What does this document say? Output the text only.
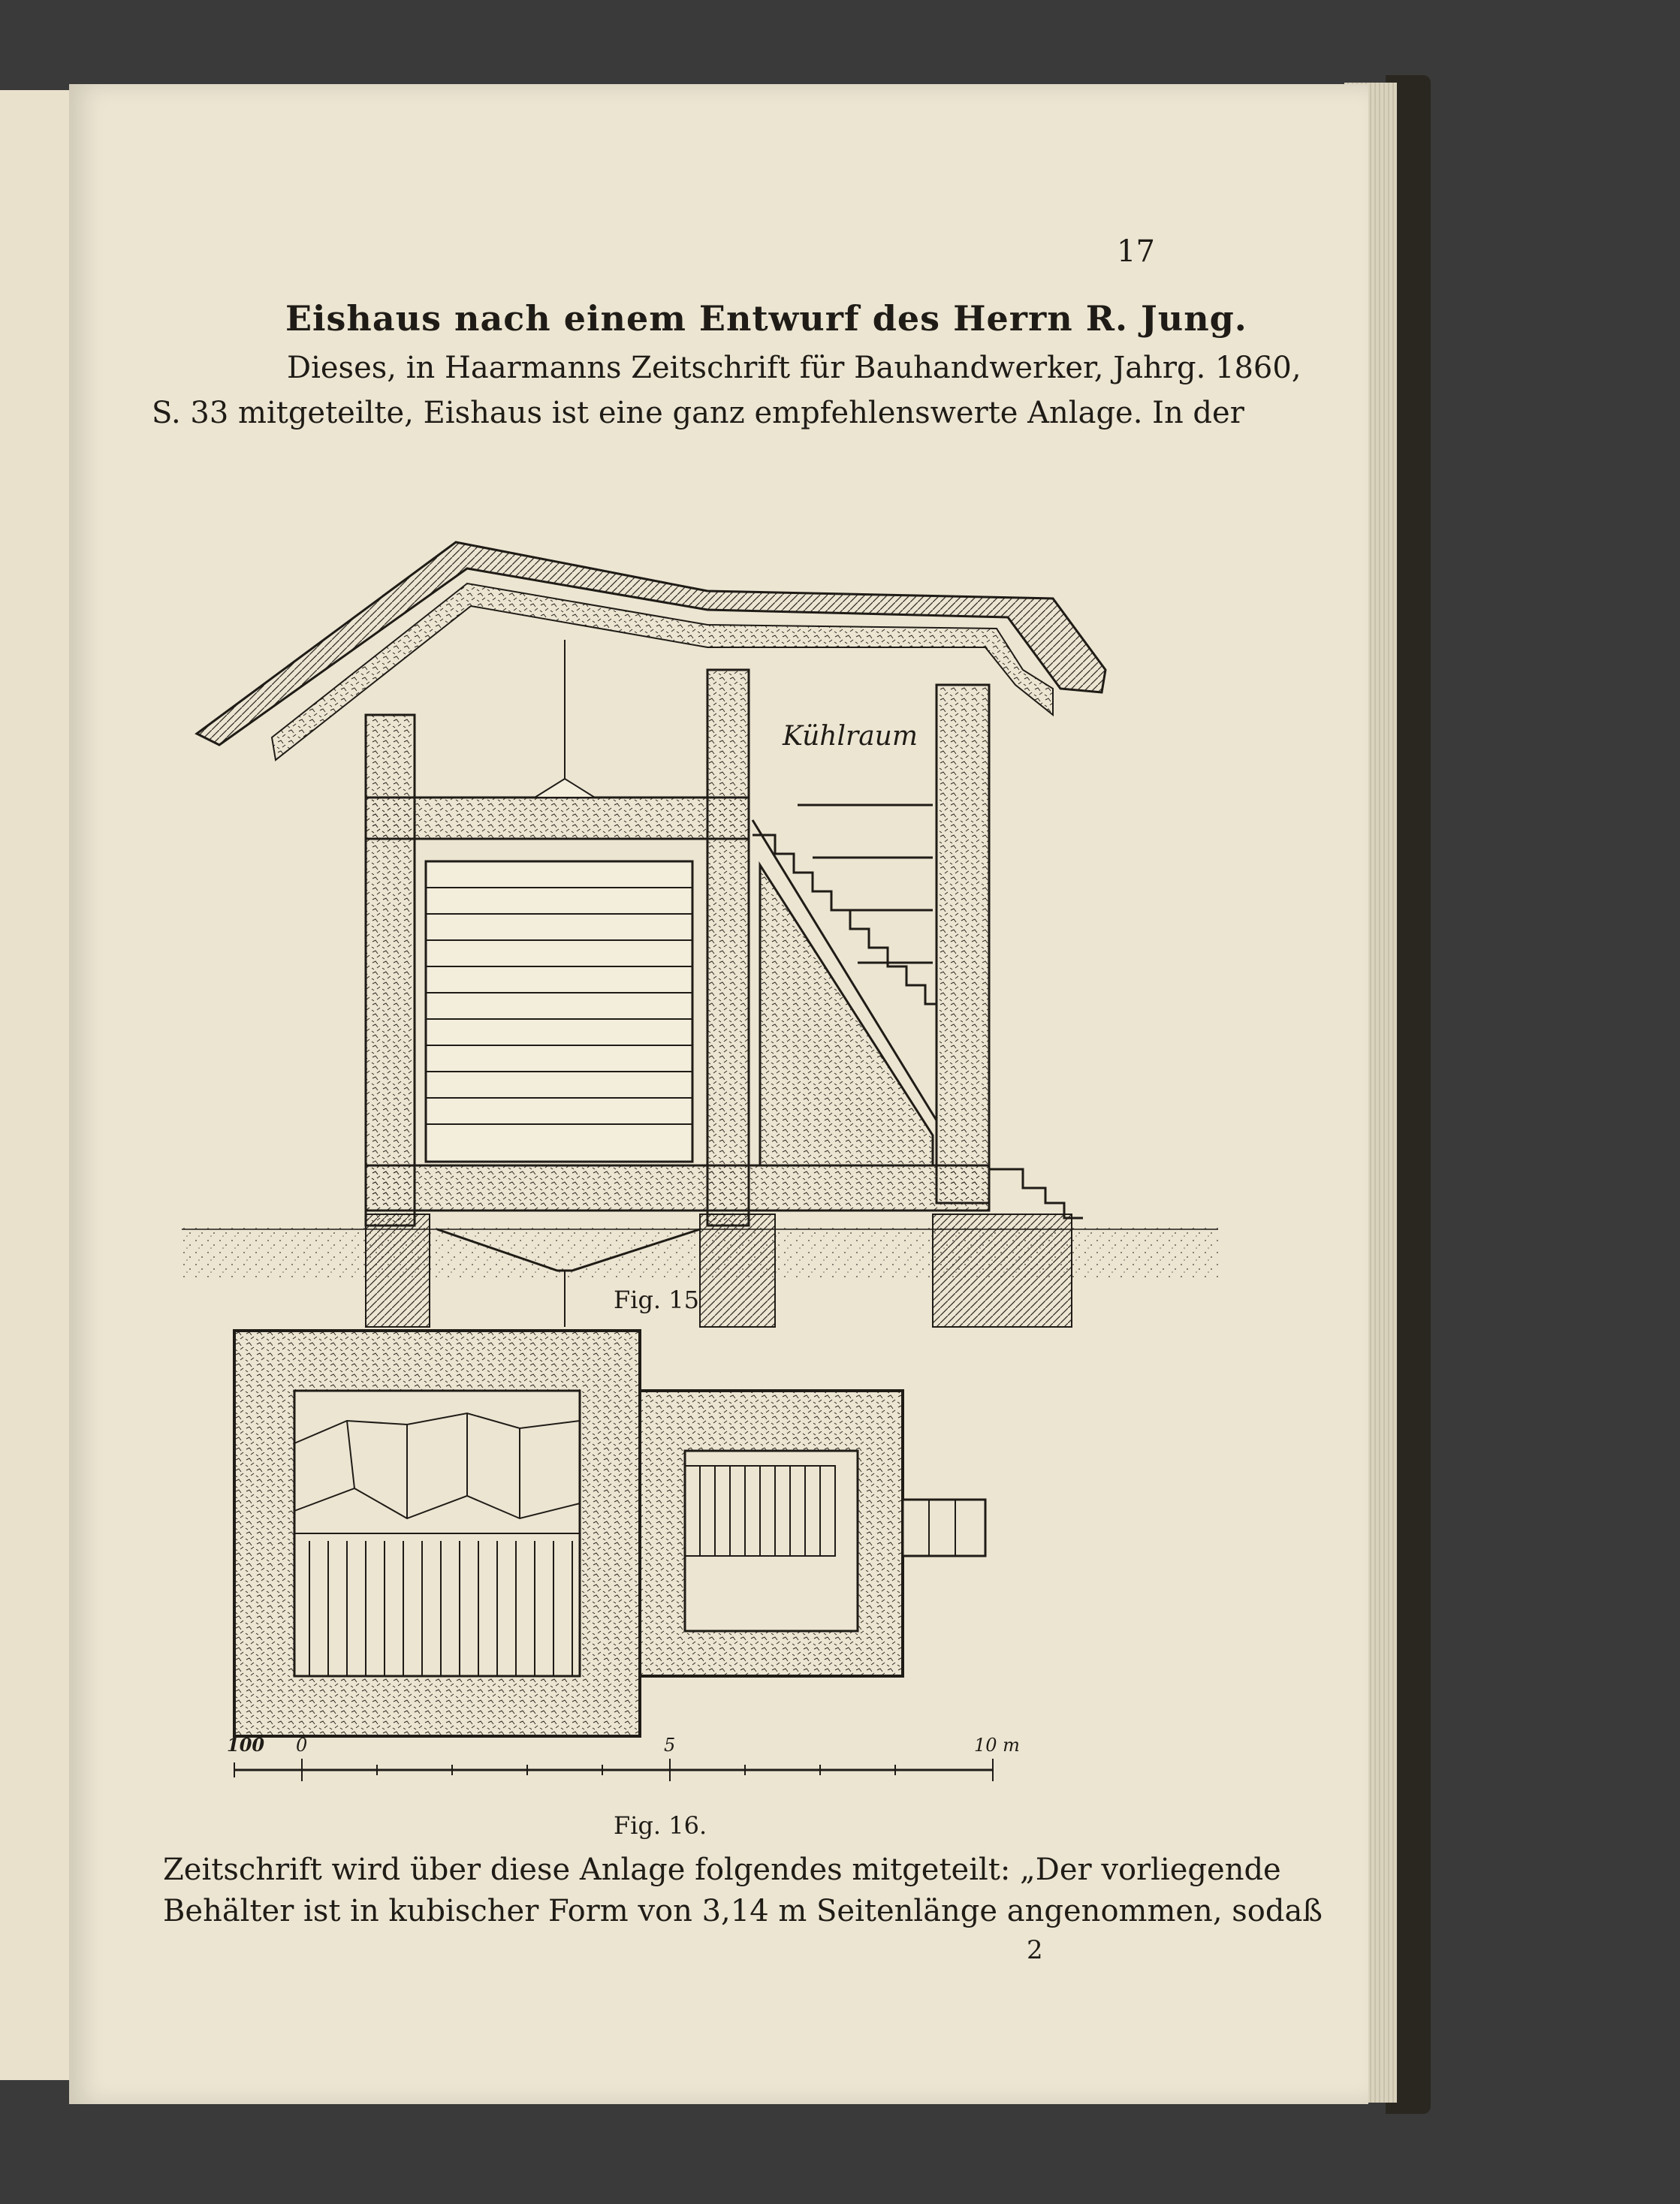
17
Eishaus nach einem Entwurf des Herrn R. Jung.
Dieses, in Haarmanns Zeitschrift für Bauhandwerker, Jahrg. 1860,
S. 33 mitgeteilte, Eishaus ist eine ganz empfehlenswerte Anlage. In der
Kühlraum
Fig. 15
100 0	5	10 m
Fig. 16.
Zeitschrift wird über diese Anlage folgendes mitgeteilt: „Der vorliegende
Behälter ist in kubischer Form von 3,14 m Seitenlänge angenommen, sodaß
2
